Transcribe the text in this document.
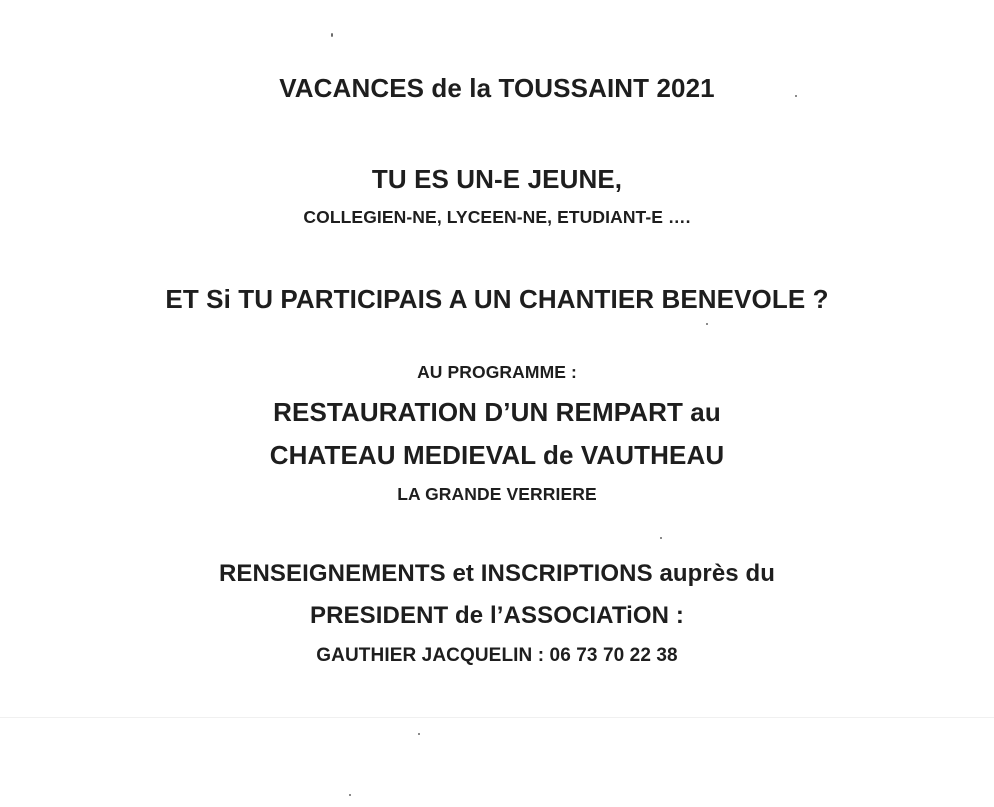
VACANCES de la TOUSSAINT 2021
TU ES UN-E JEUNE,
COLLEGIEN-NE, LYCEEN-NE, ETUDIANT-E ….
ET Si TU PARTICIPAIS A UN CHANTIER BENEVOLE ?
AU PROGRAMME :
RESTAURATION D’UN REMPART au
CHATEAU MEDIEVAL de VAUTHEAU
LA GRANDE VERRIERE
RENSEIGNEMENTS et INSCRIPTIONS auprès du
PRESIDENT de l’ASSOCIATiON :
GAUTHIER JACQUELIN : 06 73 70 22 38
